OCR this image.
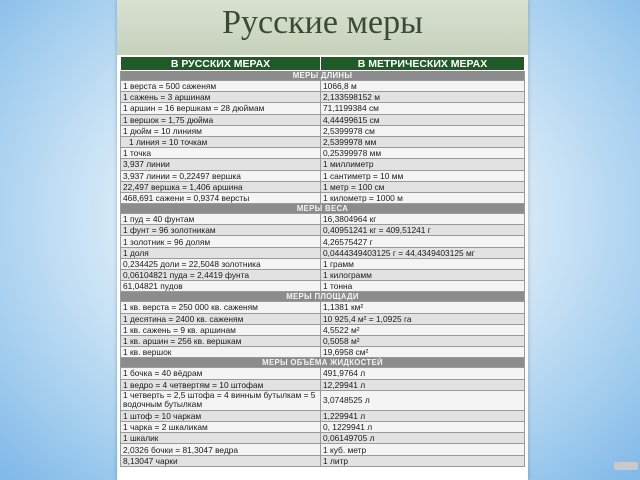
Русские меры
В РУССКИХ МЕРАХ	В МЕТРИЧЕСКИХ МЕРАХ
МЕРЫ ДЛИНЫ	
1 верста = 500 саженям	1066,8 м
1 сажень = 3 аршинам	2,133598152 м
1 аршин = 16 вершкам = 28 дюймам	71,1199384 см
1 вершок = 1,75 дюйма	4,44499615 см
1 дюйм = 10 линиям	2,5399978 см
1 линия = 10 точкам	2,5399978 мм
1 точка	0,25399978 мм
3,937 линии	1 миллиметр
3,937 линии = 0,22497 вершка	1 сантиметр = 10 мм
22,497 вершка = 1,406 аршина	1 метр = 100 см
468,691 сажени = 0,9374 версты	1 километр = 1000 м
МЕРЫ ВЕСА	
1 пуд = 40 фунтам	16,3804964 кг
1 фунт = 96 золотникам	0,40951241 кг = 409,51241 г
1 золотник = 96 долям	4,26575427 г
1 доля	0,0444349403125 г = 44,4349403125 мг
0,234425 доли = 22,5048 золотника	1 грамм
0,06104821 пуда = 2,4419 фунта	1 килограмм
61,04821 пудов	1 тонна
МЕРЫ ПЛОЩАДИ	
1 кв. верста = 250 000 кв. саженям	1,1381 км²
1 десятина = 2400 кв. саженям	10 925,4 м² = 1,0925 га
1 кв. сажень = 9 кв. аршинам	4,5522 м²
1 кв. аршин = 256 кв. вершкам	0,5058 м²
1 кв. вершок	19,6958 см²
МЕРЫ ОБЪЁМА ЖИДКОСТЕЙ	
1 бочка = 40 вёдрам	491,9764 л
1 ведро = 4 четвертям = 10 штофам	12,29941 л
1 четверть = 2,5 штофа = 4 винным бутылкам = 5 водочным бутылкам	3,0748525 л
1 штоф = 10 чаркам	1,229941 л
1 чарка = 2 шкаликам	0, 1229941 л
1 шкалик	0,06149705 л
2,0326 бочки = 81,3047 ведра	1 куб. метр
8,13047 чарки	1 литр
